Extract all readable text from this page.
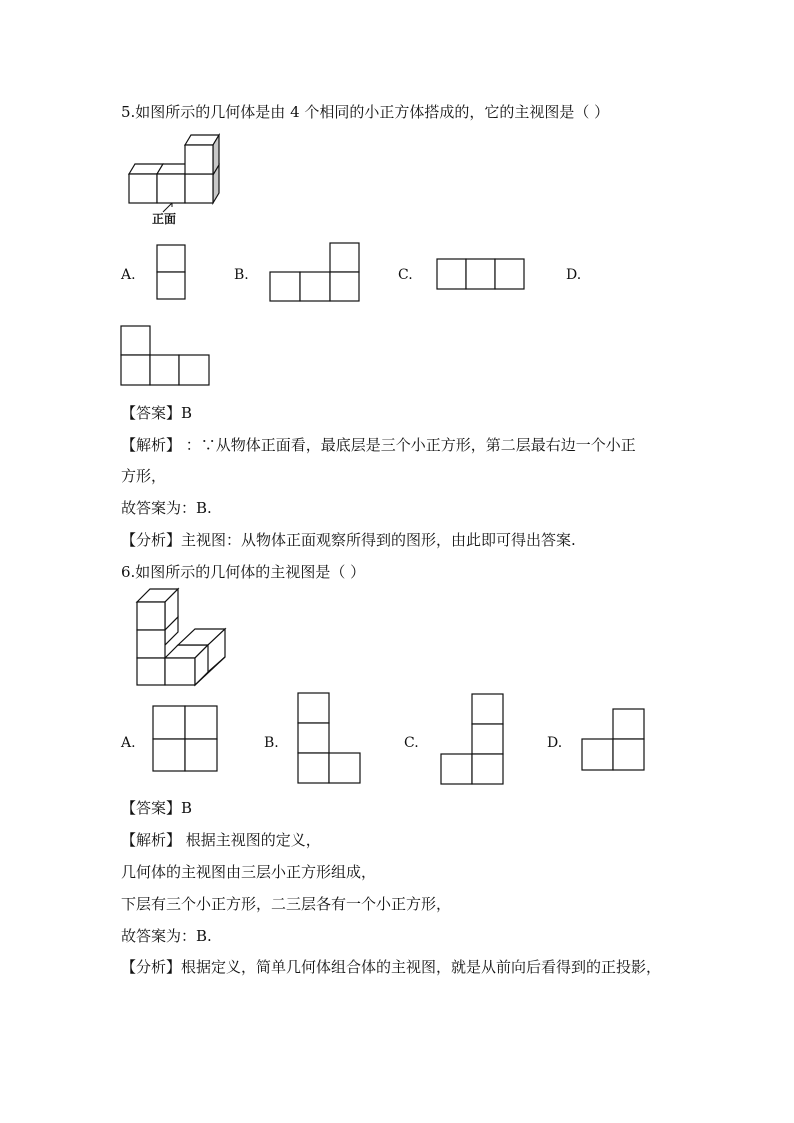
5.如图所示的几何体是由 4 个相同的小正方体搭成的，它的主视图是（ ）
正面
A.	B.	C.	D.
【答案】B
【解析】 ：∵从物体正面看，最底层是三个小正方形，第二层最右边一个小正
方形，
故答案为：B.
【分析】主视图：从物体正面观察所得到的图形，由此即可得出答案.
6.如图所示的几何体的主视图是（ ）
A.	B.	C.	D.
【答案】B
【解析】 根据主视图的定义，
几何体的主视图由三层小正方形组成，
下层有三个小正方形，二三层各有一个小正方形，
故答案为：B.
【分析】根据定义，简单几何体组合体的主视图，就是从前向后看得到的正投影，
